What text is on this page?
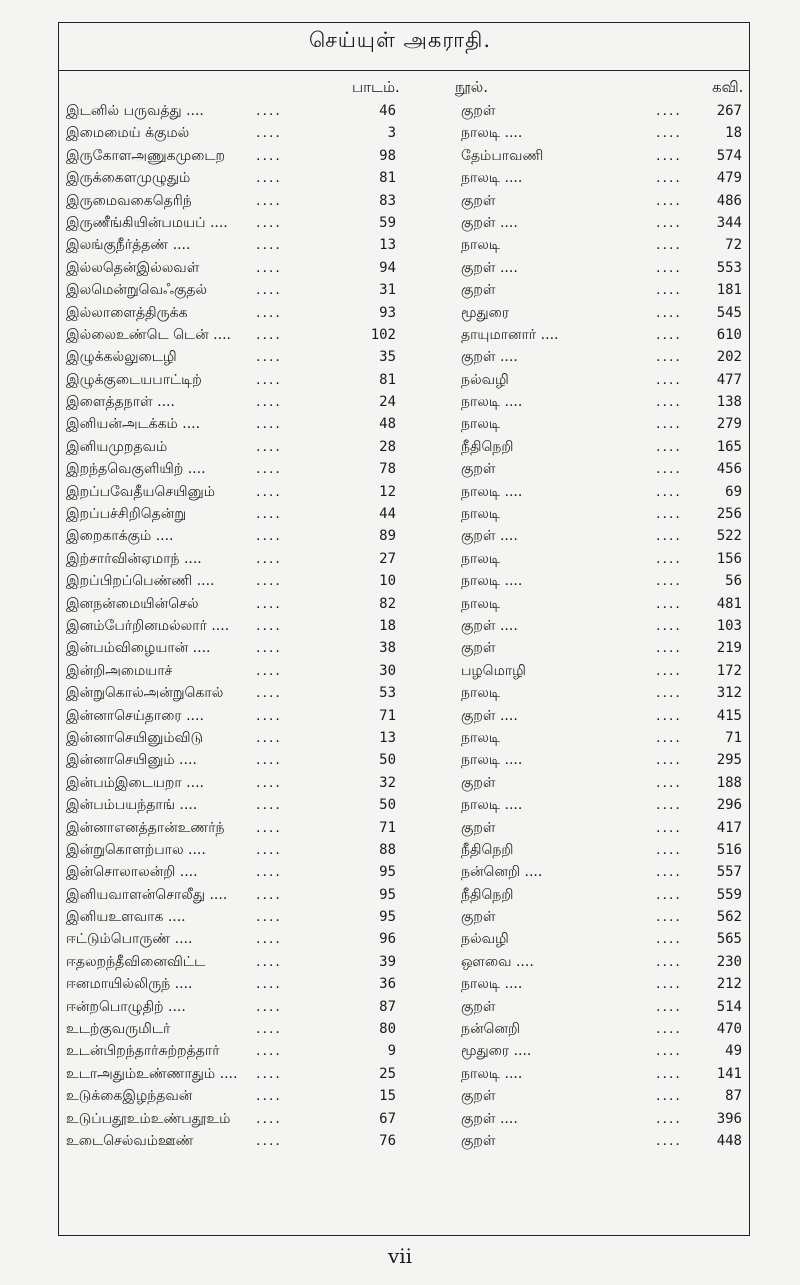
செய்யுள் அகராதி.
பாடம்.	நூல்.	கவி.
இடனில் பருவத்து ....	....	46	குறள்	....	267
இமைமைய் க்குமல்	....	3	நாலடி ....	....	18
இருகோளஅணுகமுடைற ....	98	தேம்பாவணி	....	574
இருக்கைளமுழுதும்	....	81	நாலடி ....	....	479
இருமைவகைதெரிந்	....	83	குறள்	....	486
இருணீங்கியின்பமயப் .... ....	59	குறள் ....	....	344
இலங்குநீர்த்தண் ....	....	13	நாலடி	....	72
இல்லதென்இல்லவள்	....	94	குறள் ....	....	553
இலமென்றுவெஃகுதல்	....	31	குறள்	....	181
இல்லாளைத்திருக்க	....	93	மூதுரை	....	545
இல்லைஉண்டெ டென் .... ....	102	தாயுமானார் ....	....	610
இழுக்கல்லுடைழி	....	35	குறள் ....	....	202
இழுக்குடையபாட்டிற்	....	81	நல்வழி	....	477
இளைத்தநாள் ....	....	24	நாலடி ....	....	138
இனியன்அடக்கம் ....	....	48	நாலடி	....	279
இனியமுறதவம்	....	28	நீதிநெறி	....	165
இறந்தவெகுளியிற் ....	....	78	குறள்	....	456
இறப்பவேதீயசெயினும்	....	12	நாலடி ....	....	69
இறப்பச்சிறிதென்று	....	44	நாலடி	....	256
இறைகாக்கும் ....	....	89	குறள் ....	....	522
இற்சார்வின்ஏமாந் ....	....	27	நாலடி	....	156
இறப்பிறப்பெண்ணி ....	....	10	நாலடி ....	....	56
இனநன்மையின்செல்	....	82	நாலடி	....	481
இனம்பேர்றினமல்லார் .... ....	18	குறள் ....	....	103
இன்பம்விழையான் ....	....	38	குறள்	....	219
இன்றிஅமையாச்	....	30	பழமொழி	....	172
இன்றுகொல்அன்றுகொல் ....	53	நாலடி	....	312
இன்னாசெய்தாரை ....	....	71	குறள் ....	....	415
இன்னாசெயினும்விடு	....	13	நாலடி	....	71
இன்னாசெயினும் ....	....	50	நாலடி ....	....	295
இன்பம்இடையறா ....	....	32	குறள்	....	188
இன்பம்பயந்தாங் ....	....	50	நாலடி ....	....	296
இன்னாஎனத்தான்உணர்ந் ....	71	குறள்	....	417
இன்றுகொளற்பால ....	....	88	நீதிநெறி	....	516
இன்சொலாலன்றி ....	....	95	நன்னெறி ....	....	557
இனியவாளன்சொலீது .... ....	95	நீதிநெறி	....	559
இனியஉளவாக ....	....	95	குறள்	....	562
ஈட்டும்பொருண் ....	....	96	நல்வழி	....	565
ஈதலறந்தீவினைவிட்ட	....	39	ஔவை ....	....	230
ஈனமாயில்லிருந் ....	....	36	நாலடி ....	....	212
ஈன்றபொழுதிற் ....	....	87	குறள்	....	514
உடற்குவருமிடர்	....	80	நன்னெறி	....	470
உடன்பிறந்தார்சுற்றத்தார்	....	9	மூதுரை ....	....	49
உடாஅதும்உண்ணாதும் .... ....	25	நாலடி ....	....	141
உடுக்கைஇழந்தவன்	....	15	குறள்	....	87
உடுப்பதூஉம்உண்பதூஉம் ....	67	குறள் ....	....	396
உடைசெல்வம்ஊண்	....	76	குறள்	....	448
vii
